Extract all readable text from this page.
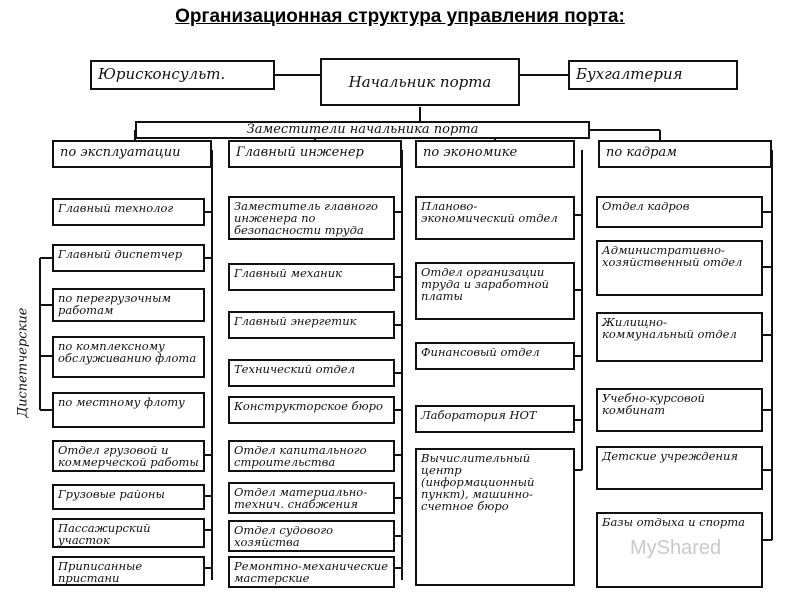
Организационная структура управления порта:
Юрисконсульт.	Начальник порта	Бухгалтерия
Заместители начальника порта
по эксплуатации	Главный инженер	по экономике	по кадрам
Главный технолог
Главный диспетчер
по перегрузочным работам
по комплексному обслуживанию флота
по местному флоту
Отдел грузовой и коммерческой работы
Грузовые районы
Пассажирский участок
Приписанные пристани
Диспетчерские
Заместитель главного инженера по безопасности труда
Главный механик
Главный энергетик
Технический отдел
Конструкторское бюро
Отдел капитального строительства
Отдел материально-технич. снабжения
Отдел судового хозяйства
Ремонтно-механические мастерские
Планово-экономический отдел
Отдел организации труда и заработной платы
Финансовый отдел
Лаборатория НОТ
Вычислительный центр (информационный пункт), машинно-счетное бюро
Отдел кадров
Административно-хозяйственный отдел
Жилищно-коммунальный отдел
Учебно-курсовой комбинат
Детские учреждения
Базы отдыха и спорта
MyShared
